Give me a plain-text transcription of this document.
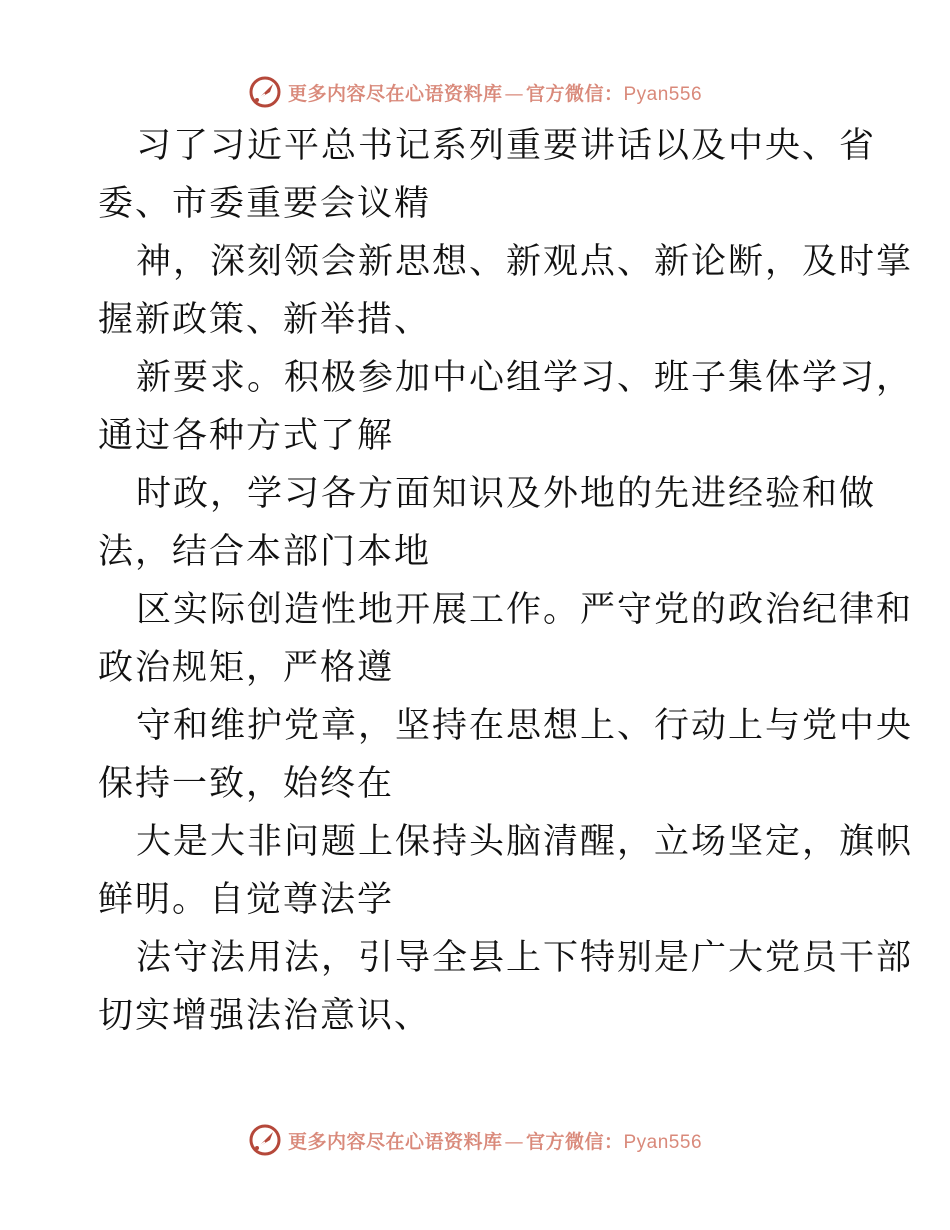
更多内容尽在心语资料库 — 官方微信：Pyan556
习了习近平总书记系列重要讲话以及中央、省
委、市委重要会议精
神，深刻领会新思想、新观点、新论断，及时掌
握新政策、新举措、
新要求。积极参加中心组学习、班子集体学习，
通过各种方式了解
时政，学习各方面知识及外地的先进经验和做
法，结合本部门本地
区实际创造性地开展工作。严守党的政治纪律和
政治规矩，严格遵
守和维护党章，坚持在思想上、行动上与党中央
保持一致，始终在
大是大非问题上保持头脑清醒，立场坚定，旗帜
鲜明。自觉尊法学
法守法用法，引导全县上下特别是广大党员干部
切实增强法治意识、
更多内容尽在心语资料库 — 官方微信：Pyan556
